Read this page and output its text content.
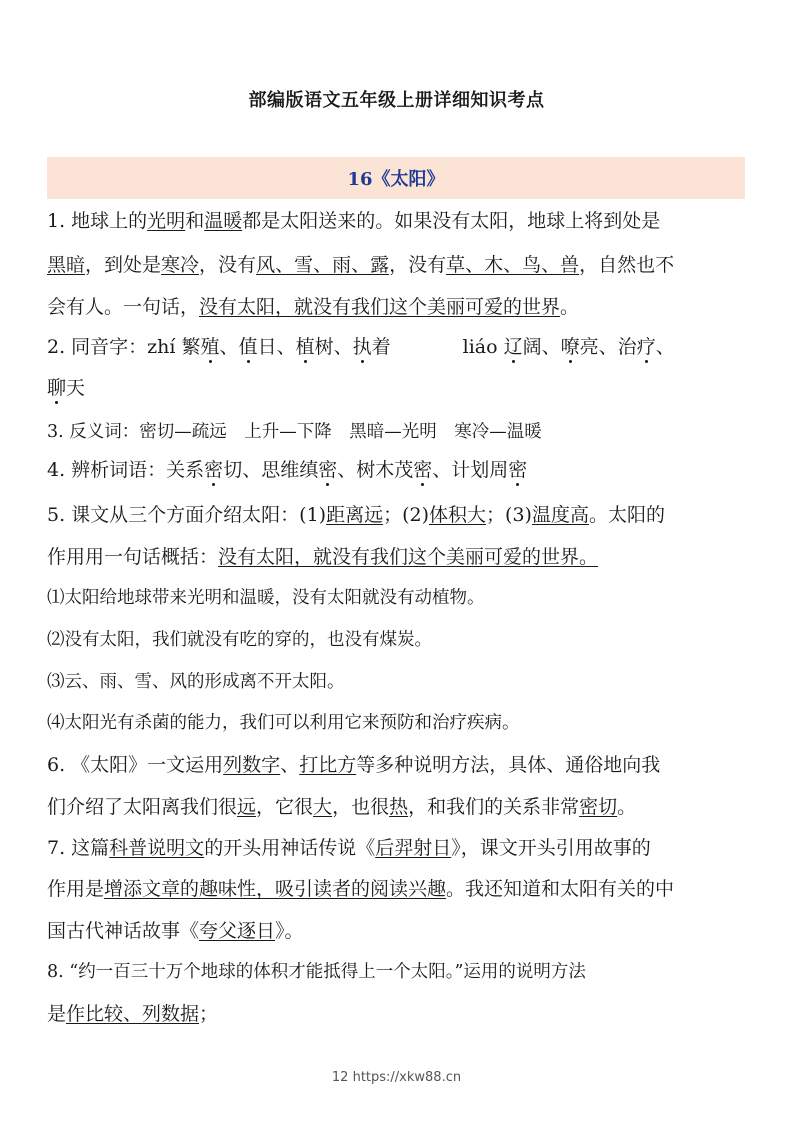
部编版语文五年级上册详细知识考点
16《太阳》
1. 地球上的光明和温暖都是太阳送来的。如果没有太阳，地球上将到处是
黑暗，到处是寒冷，没有风、雪、雨、露，没有草、木、鸟、兽，自然也不
会有人。一句话，没有太阳，就没有我们这个美丽可爱的世界。
2. 同音字：zhí 繁殖、值日、植树、执着	liáo 辽阔、嘹亮、治疗、
聊天
3. 反义词：密切—疏远　上升—下降　黑暗—光明　寒冷—温暖
4. 辨析词语：关系密切、思维缜密、树木茂密、计划周密
5. 课文从三个方面介绍太阳：(1)距离远；(2)体积大；(3)温度高。太阳的
作用用一句话概括：没有太阳，就没有我们这个美丽可爱的世界。
⑴太阳给地球带来光明和温暖，没有太阳就没有动植物。
⑵没有太阳，我们就没有吃的穿的，也没有煤炭。
⑶云、雨、雪、风的形成离不开太阳。
⑷太阳光有杀菌的能力，我们可以利用它来预防和治疗疾病。
6. 《太阳》一文运用列数字、打比方等多种说明方法，具体、通俗地向我
们介绍了太阳离我们很远，它很大，也很热，和我们的关系非常密切。
7. 这篇科普说明文的开头用神话传说《后羿射日》，课文开头引用故事的
作用是增添文章的趣味性，吸引读者的阅读兴趣。我还知道和太阳有关的中
国古代神话故事《夸父逐日》。
8. “约一百三十万个地球的体积才能抵得上一个太阳。”运用的说明方法
是作比较、列数据；
12 https://xkw88.cn
